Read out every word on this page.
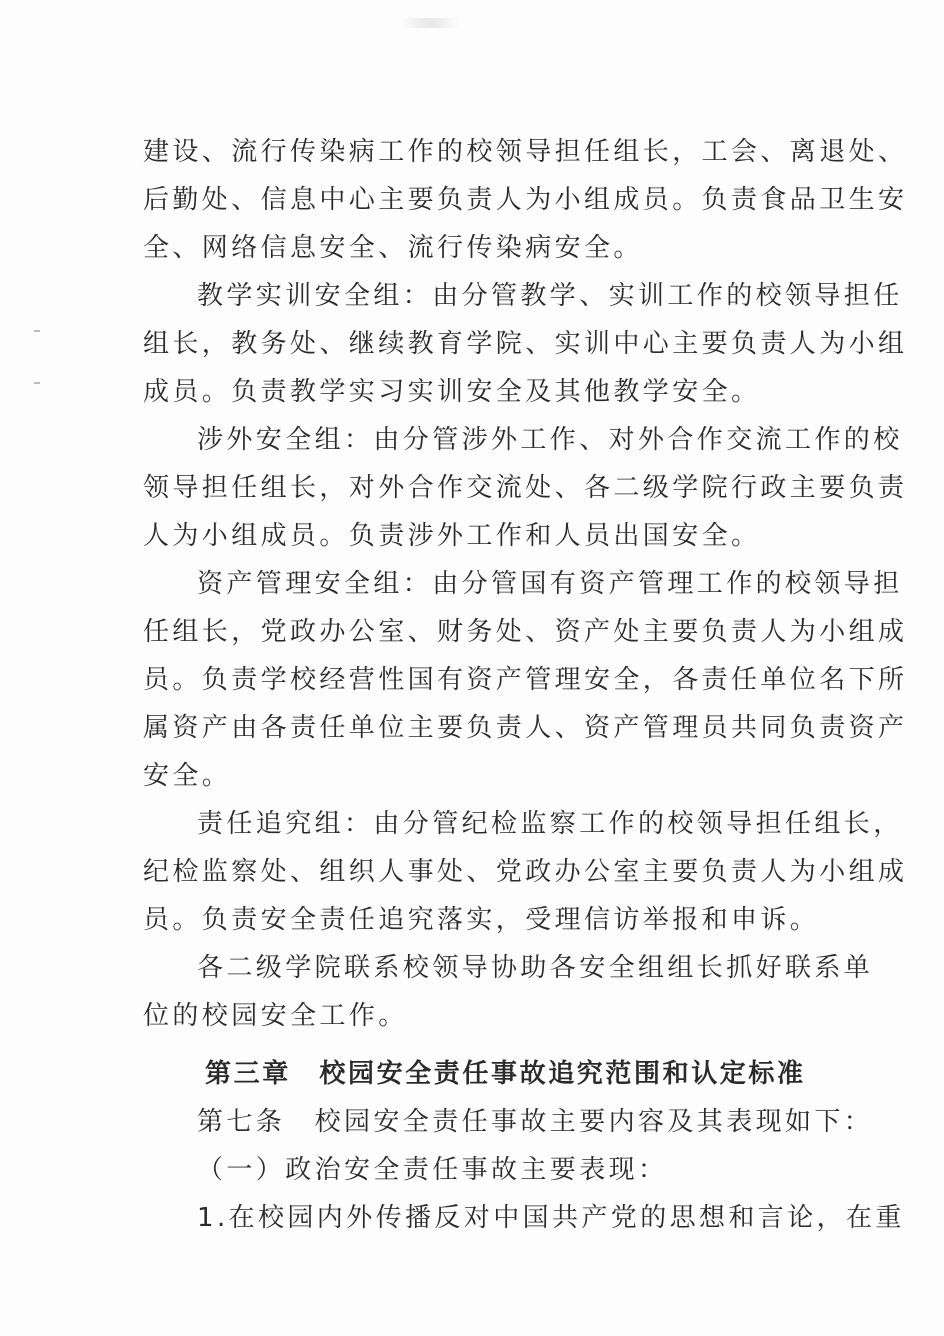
建设、流行传染病工作的校领导担任组长，工会、离退处、
后勤处、信息中心主要负责人为小组成员。负责食品卫生安
全、网络信息安全、流行传染病安全。
教学实训安全组：由分管教学、实训工作的校领导担任
组长，教务处、继续教育学院、实训中心主要负责人为小组
成员。负责教学实习实训安全及其他教学安全。
涉外安全组：由分管涉外工作、对外合作交流工作的校
领导担任组长，对外合作交流处、各二级学院行政主要负责
人为小组成员。负责涉外工作和人员出国安全。
资产管理安全组：由分管国有资产管理工作的校领导担
任组长，党政办公室、财务处、资产处主要负责人为小组成
员。负责学校经营性国有资产管理安全，各责任单位名下所
属资产由各责任单位主要负责人、资产管理员共同负责资产
安全。
责任追究组：由分管纪检监察工作的校领导担任组长，
纪检监察处、组织人事处、党政办公室主要负责人为小组成
员。负责安全责任追究落实，受理信访举报和申诉。
各二级学院联系校领导协助各安全组组长抓好联系单
位的校园安全工作。
第三章　校园安全责任事故追究范围和认定标准
第七条　校园安全责任事故主要内容及其表现如下：
（一）政治安全责任事故主要表现：
1.在校园内外传播反对中国共产党的思想和言论，在重
